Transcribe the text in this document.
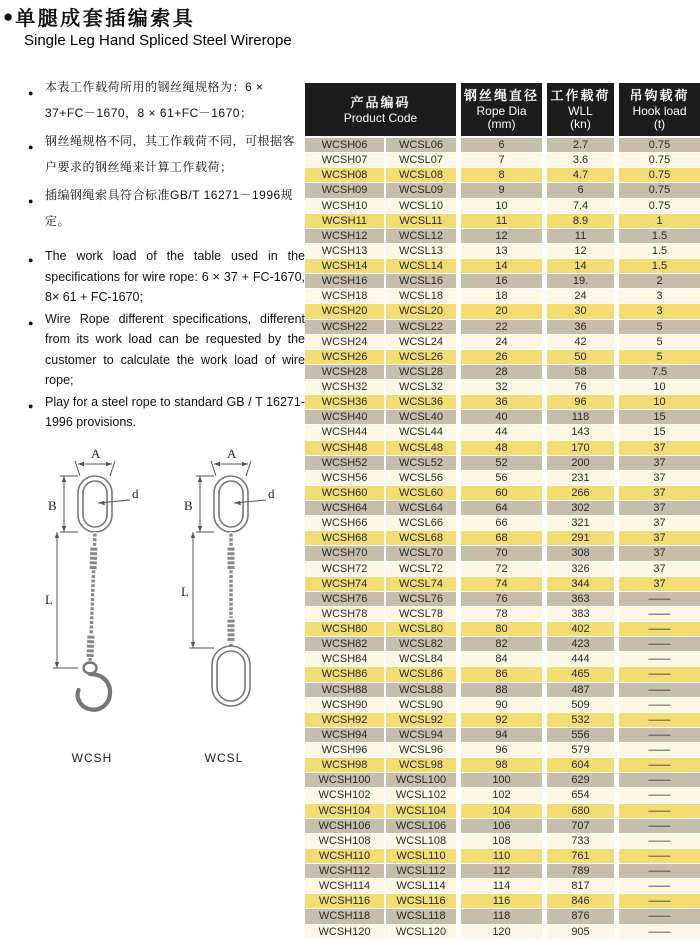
● 单腿成套插编索具
Single Leg Hand Spliced Steel Wirerope
● 本表工作载荷所用的钢丝绳规格为：6 × 37+FC－1670，8 × 61+FC－1670；
● 钢丝绳规格不同，其工作载荷不同，可根据客户要求的钢丝绳来计算工作载荷；
● 插编钢绳索具符合标准GB/T 16271－1996规定。
● The work load of the table used in the specifications for wire rope: 6 × 37 + FC-1670, 8× 61 + FC-1670;
● Wire Rope different specifications, different from its work load can be requested by the customer to calculate the work load of wire rope;
● Play for a steel rope to standard GB / T 16271-1996 provisions.
A
B
d
L
WCSH
A
B
d
L
WCSL
产品编码
Product Code
钢丝绳直径
Rope Dia
(mm)
工作载荷
WLL
(kn)
吊钩载荷
Hook load
(t)
WCSH06	WCSL06	6	2.7	0.75
WCSH07	WCSL07	7	3.6	0.75
WCSH08	WCSL08	8	4.7	0.75
WCSH09	WCSL09	9	6	0.75
WCSH10	WCSL10	10	7.4	0.75
WCSH11	WCSL11	11	8.9	1
WCSH12	WCSL12	12	11	1.5
WCSH13	WCSL13	13	12	1.5
WCSH14	WCSL14	14	14	1.5
WCSH16	WCSL16	16	19.	2
WCSH18	WCSL18	18	24	3
WCSH20	WCSL20	20	30	3
WCSH22	WCSL22	22	36	5
WCSH24	WCSL24	24	42	5
WCSH26	WCSL26	26	50	5
WCSH28	WCSL28	28	58	7.5
WCSH32	WCSL32	32	76	10
WCSH36	WCSL36	36	96	10
WCSH40	WCSL40	40	118	15
WCSH44	WCSL44	44	143	15
WCSH48	WCSL48	48	170	37
WCSH52	WCSL52	52	200	37
WCSH56	WCSL56	56	231	37
WCSH60	WCSL60	60	266	37
WCSH64	WCSL64	64	302	37
WCSH66	WCSL66	66	321	37
WCSH68	WCSL68	68	291	37
WCSH70	WCSL70	70	308	37
WCSH72	WCSL72	72	326	37
WCSH74	WCSL74	74	344	37
WCSH76	WCSL76	76	363	——
WCSH78	WCSL78	78	383	——
WCSH80	WCSL80	80	402	——
WCSH82	WCSL82	82	423	——
WCSH84	WCSL84	84	444	——
WCSH86	WCSL86	86	465	——
WCSH88	WCSL88	88	487	——
WCSH90	WCSL90	90	509	——
WCSH92	WCSL92	92	532	——
WCSH94	WCSL94	94	556	——
WCSH96	WCSL96	96	579	——
WCSH98	WCSL98	98	604	——
WCSH100	WCSL100	100	629	——
WCSH102	WCSL102	102	654	——
WCSH104	WCSL104	104	680	——
WCSH106	WCSL106	106	707	——
WCSH108	WCSL108	108	733	——
WCSH110	WCSL110	110	761	——
WCSH112	WCSL112	112	789	——
WCSH114	WCSL114	114	817	——
WCSH116	WCSL116	116	846	——
WCSH118	WCSL118	118	876	——
WCSH120	WCSL120	120	905	——
